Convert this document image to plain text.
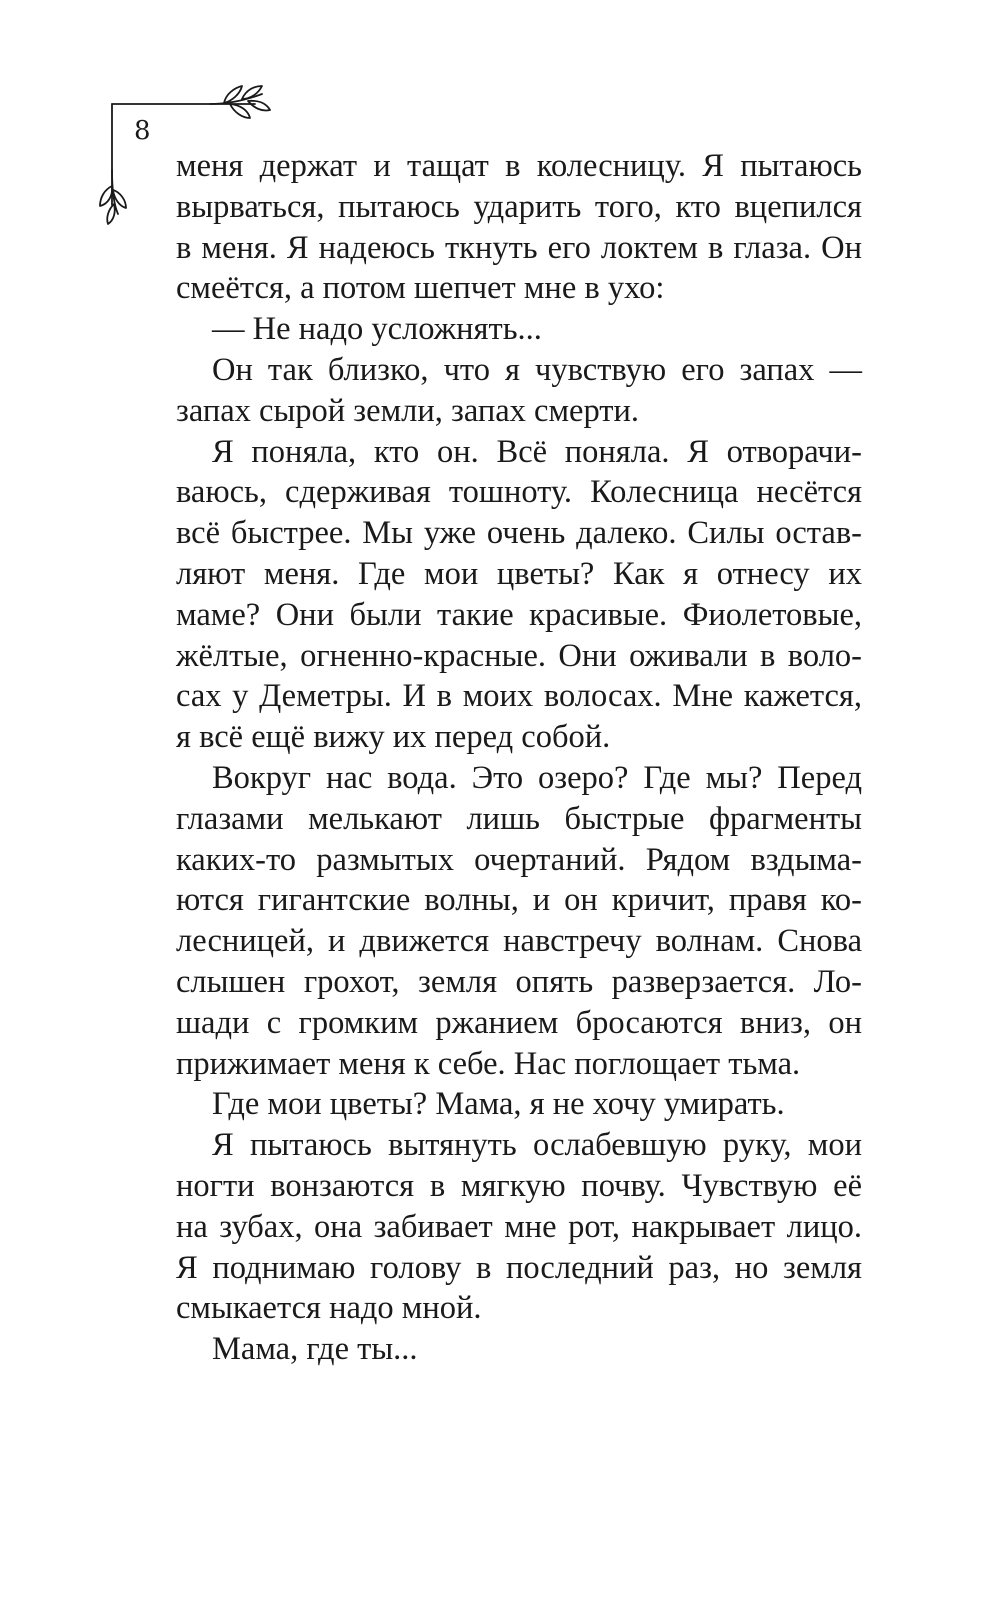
8
меня держат и тащат в колесницу. Я пытаюсь
вырваться, пытаюсь ударить того, кто вцепился
в меня. Я надеюсь ткнуть его локтем в глаза. Он
смеётся, а потом шепчет мне в ухо:
— Не надо усложнять...
Он так близко, что я чувствую его запах —
запах сырой земли, запах смерти.
Я поняла, кто он. Всё поняла. Я отворачи-
ваюсь, сдерживая тошноту. Колесница несётся
всё быстрее. Мы уже очень далеко. Силы остав-
ляют меня. Где мои цветы? Как я отнесу их
маме? Они были такие красивые. Фиолетовые,
жёлтые, огненно-красные. Они оживали в воло-
сах у Деметры. И в моих волосах. Мне кажется,
я всё ещё вижу их перед собой.
Вокруг нас вода. Это озеро? Где мы? Перед
глазами мелькают лишь быстрые фрагменты
каких-то размытых очертаний. Рядом вздыма-
ются гигантские волны, и он кричит, правя ко-
лесницей, и движется навстречу волнам. Снова
слышен грохот, земля опять разверзается. Ло-
шади с громким ржанием бросаются вниз, он
прижимает меня к себе. Нас поглощает тьма.
Где мои цветы? Мама, я не хочу умирать.
Я пытаюсь вытянуть ослабевшую руку, мои
ногти вонзаются в мягкую почву. Чувствую её
на зубах, она забивает мне рот, накрывает лицо.
Я поднимаю голову в последний раз, но земля
смыкается надо мной.
Мама, где ты...
